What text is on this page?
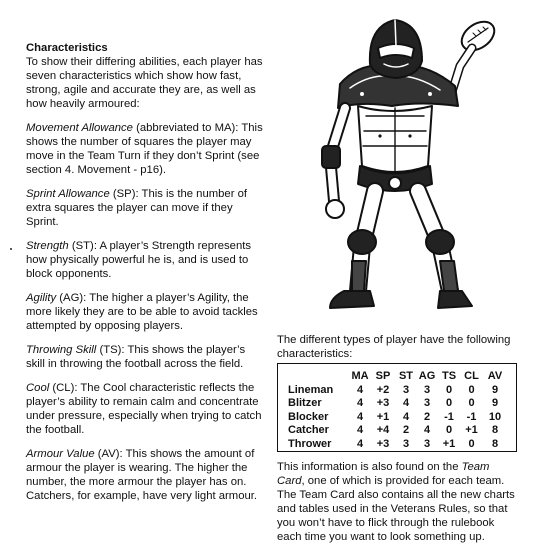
Characteristics

To show their differing abilities, each player has seven characteristics which show how fast, strong, agile and accurate they are, as well as how heavily armoured:

Movement Allowance (abbreviated to MA): This shows the number of squares the player may move in the Team Turn if they don’t Sprint (see section 4. Movement - p16).

Sprint Allowance (SP): This is the number of extra squares the player can move if they Sprint.

Strength (ST): A player’s Strength represents how physically powerful he is, and is used to block opponents.

Agility (AG): The higher a player’s Agility, the more likely they are to be able to avoid tackles attempted by opposing players.

Throwing Skill (TS): This shows the player’s skill in throwing the football across the field.

Cool (CL): The Cool characteristic reflects the player’s ability to remain calm and concentrate under pressure, especially when trying to catch the football.

Armour Value (AV): This shows the amount of armour the player is wearing. The higher the number, the more armour the player has on. Catchers, for example, have very light armour.

The different types of player have the following characteristics:

	MA	SP	ST	AG	TS	CL	AV
Lineman	4	+2	3	3	0	0	9
Blitzer	4	+3	4	3	0	0	9
Blocker	4	+1	4	2	-1	-1	10
Catcher	4	+4	2	4	0	+1	8
Thrower	4	+3	3	3	+1	0	8

This information is also found on the Team Card, one of which is provided for each team. The Team Card also contains all the new charts and tables used in the Veterans Rules, so that you won’t have to flick through the rulebook each time you want to look something up.
